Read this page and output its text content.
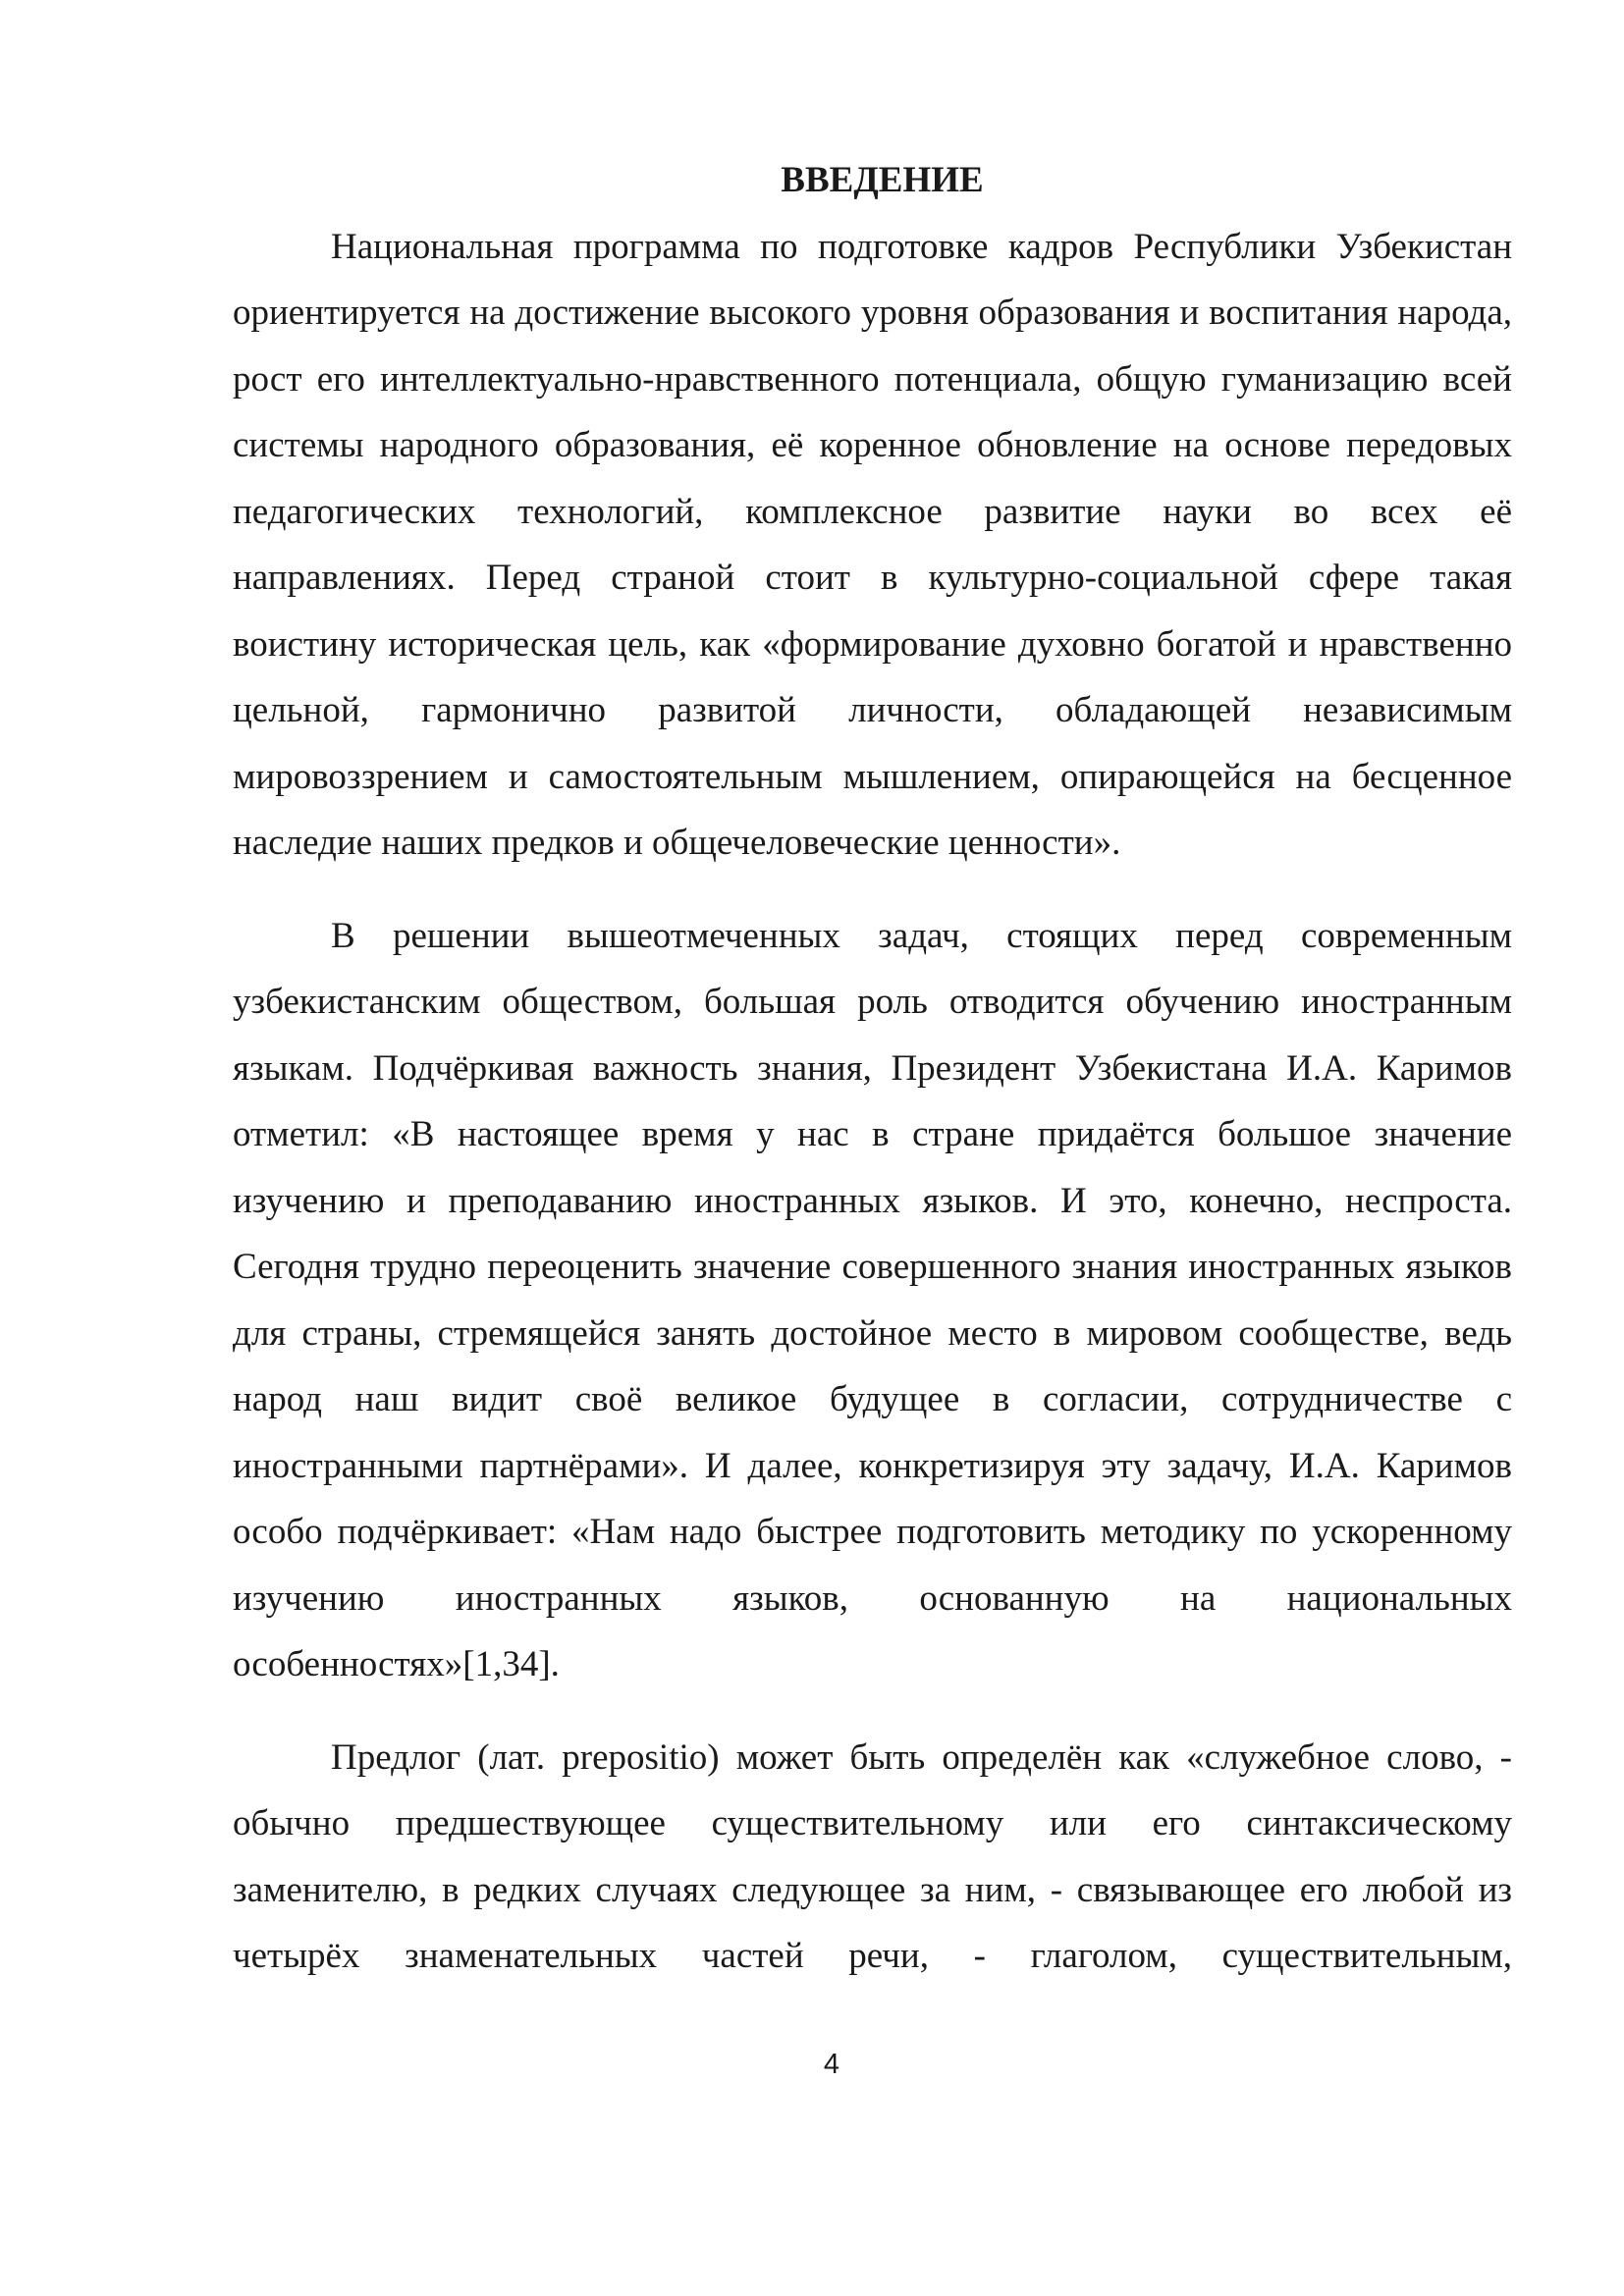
ВВЕДЕНИЕ

Национальная программа по подготовке кадров Республики Узбекистан ориентируется на достижение высокого уровня образования и воспитания народа, рост его интеллектуально-нравственного потенциала, общую гуманизацию всей системы народного образования, её коренное обновление на основе передовых педагогических технологий, комплексное развитие науки во всех её направлениях. Перед страной стоит в культурно-социальной сфере такая воистину историческая цель, как «формирование духовно богатой и нравственно цельной, гармонично развитой личности, обладающей независимым мировоззрением и самостоятельным мышлением, опирающейся на бесценное наследие наших предков и общечеловеческие ценности».

В решении вышеотмеченных задач, стоящих перед современным узбекистанским обществом, большая роль отводится обучению иностранным языкам. Подчёркивая важность знания, Президент Узбекистана И.А. Каримов отметил: «В настоящее время у нас в стране придаётся большое значение изучению и преподаванию иностранных языков. И это, конечно, неспроста. Сегодня трудно переоценить значение совершенного знания иностранных языков для страны, стремящейся занять достойное место в мировом сообществе, ведь народ наш видит своё великое будущее в согласии, сотрудничестве с иностранными партнёрами». И далее, конкретизируя эту задачу, И.А. Каримов особо подчёркивает: «Нам надо быстрее подготовить методику по ускоренному изучению иностранных языков, основанную на национальных особенностях»[1,34].

Предлог (лат. prepositio) может быть определён как «служебное слово, - обычно предшествующее существительному или его синтаксическому заменителю, в редких случаях следующее за ним, - связывающее его любой из четырёх знаменательных частей речи, - глаголом, существительным,

4
